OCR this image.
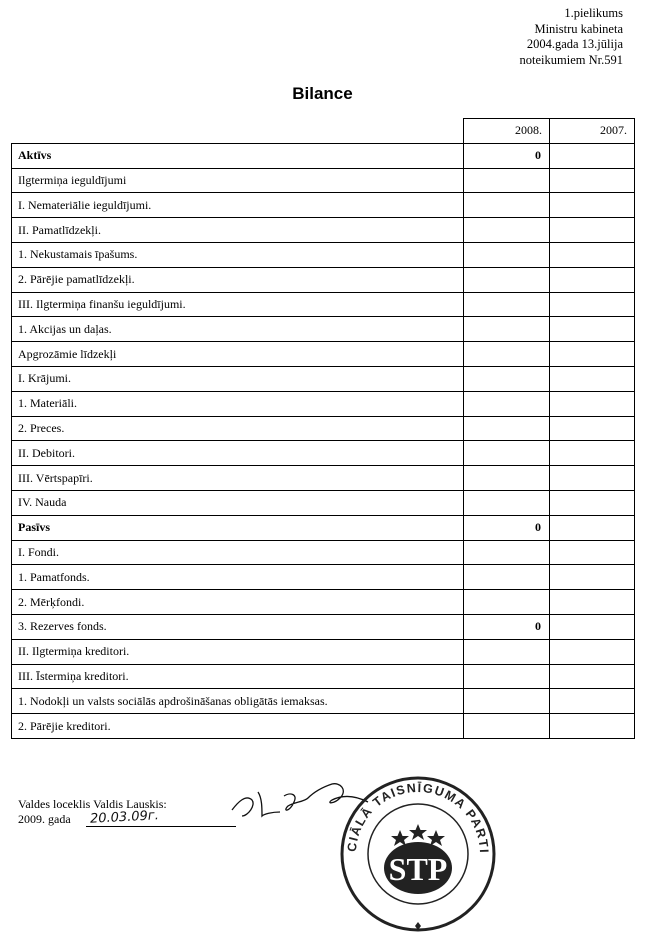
1.pielikums
Ministru kabineta
2004.gada 13.jūlija
noteikumiem Nr.591
Bilance
	2008.	2007.
Aktīvs	0	
Ilgtermiņa ieguldījumi		
I. Nemateriālie ieguldījumi.		
II. Pamatlīdzekļi.		
1. Nekustamais īpašums.		
2. Pārējie pamatlīdzekļi.		
III. Ilgtermiņa finanšu ieguldījumi.		
1. Akcijas un daļas.		
Apgrozāmie līdzekļi		
I. Krājumi.		
1. Materiāli.		
2. Preces.		
II. Debitori.		
III. Vērtspapīri.		
IV. Nauda		
Pasīvs	0	
I. Fondi.		
1. Pamatfonds.		
2. Mērķfondi.		
3. Rezerves fonds.	0	
II. Ilgtermiņa kreditori.		
III. Īstermiņa kreditori.		
1. Nodokļi un valsts sociālās apdrošināšanas obligātās iemaksas.		
2. Pārējie kreditori.		
Valdes loceklis Valdis Lauskis:
2009. gada	20.03.09г.
CIĀLĀ TAISNĪGUMA PARTI
STP
